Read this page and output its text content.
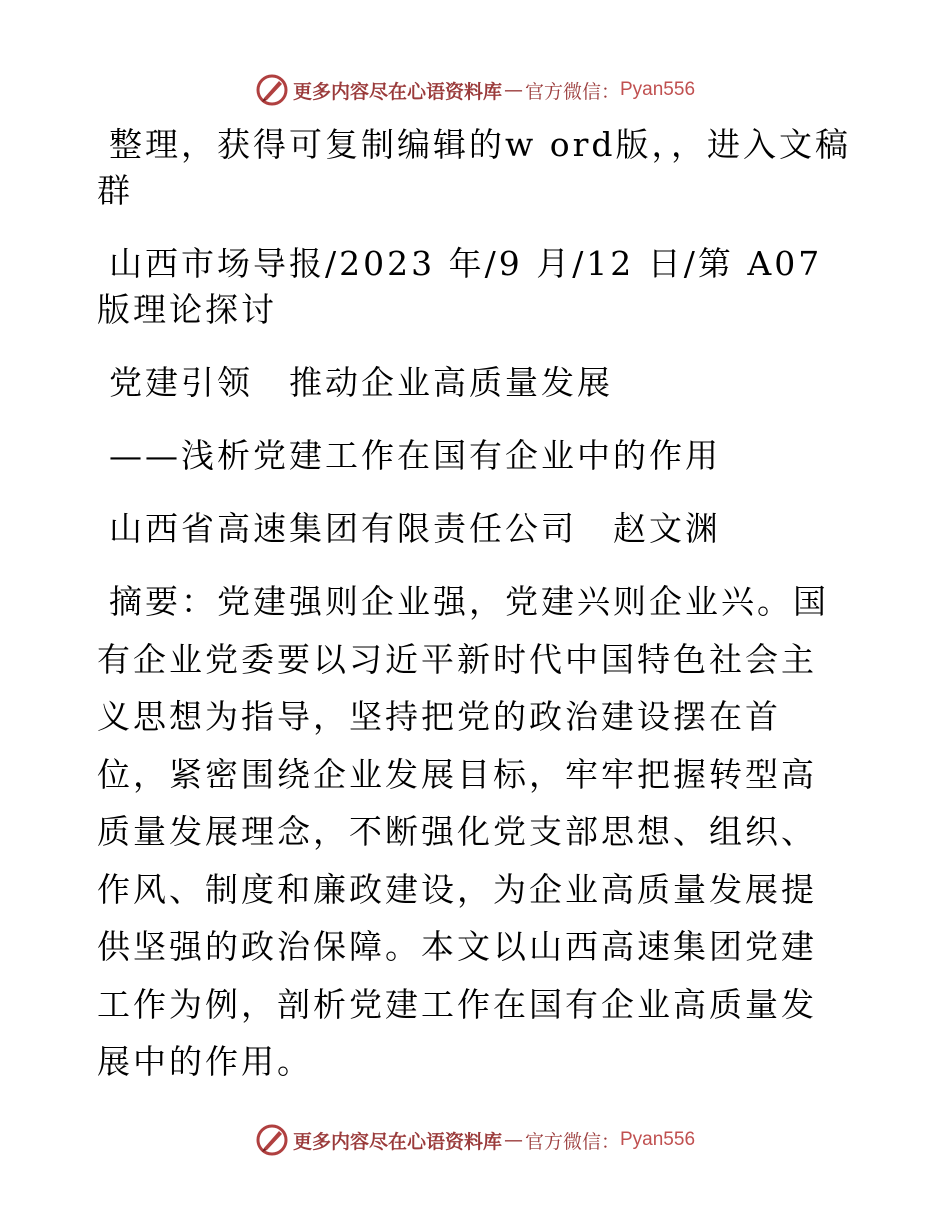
更多内容尽在心语资料库 — 官方微信： Pyan556

整理，获得可复制编辑的w ord版，，进入文稿群

山西市场导报/2023 年/9 月/12 日/第 A07 版理论探讨

党建引领　推动企业高质量发展

——浅析党建工作在国有企业中的作用

山西省高速集团有限责任公司　赵文渊

摘要：党建强则企业强，党建兴则企业兴。国有企业党委要以习近平新时代中国特色社会主义思想为指导，坚持把党的政治建设摆在首位，紧密围绕企业发展目标，牢牢把握转型高质量发展理念，不断强化党支部思想、组织、作风、制度和廉政建设，为企业高质量发展提供坚强的政治保障。本文以山西高速集团党建工作为例，剖析党建工作在国有企业高质量发展中的作用。

更多内容尽在心语资料库 — 官方微信： Pyan556
